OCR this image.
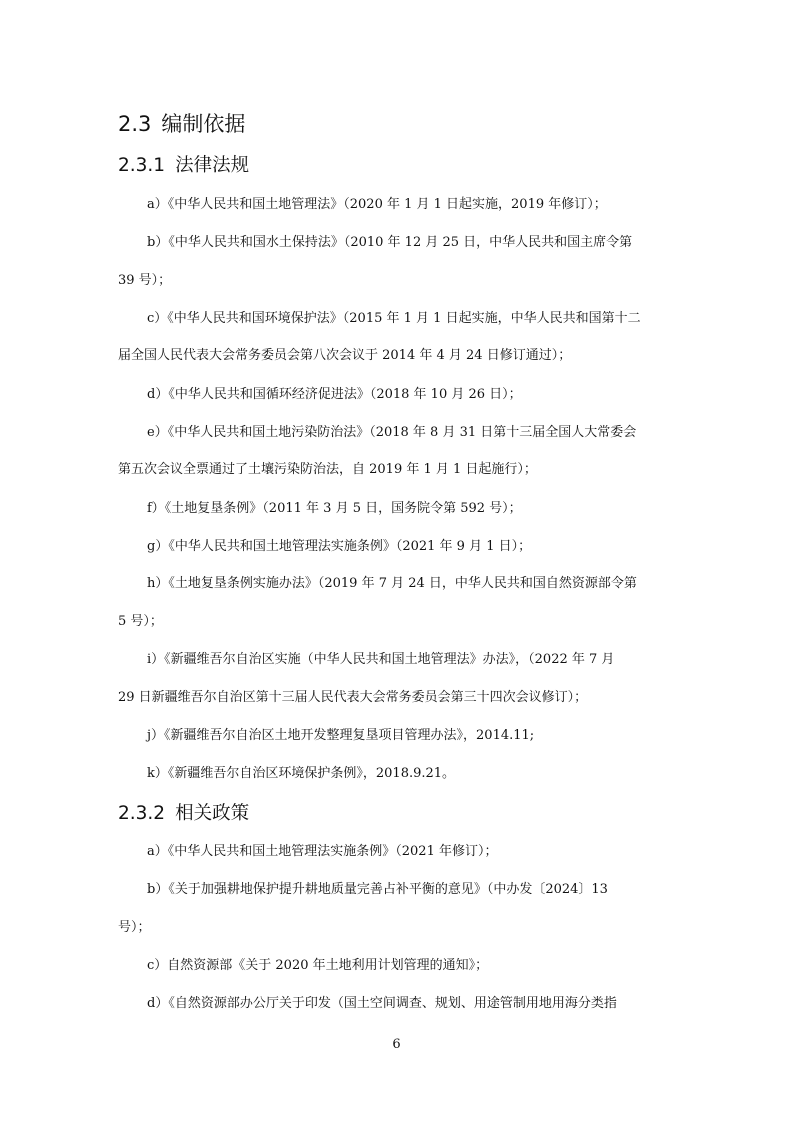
2.3 编制依据
2.3.1 法律法规
a）《中华人民共和国土地管理法》（2020 年 1 月 1 日起实施，2019 年修订）；
b）《中华人民共和国水土保持法》（2010 年 12 月 25 日，中华人民共和国主席令第
39 号）；
c）《中华人民共和国环境保护法》（2015 年 1 月 1 日起实施，中华人民共和国第十二
届全国人民代表大会常务委员会第八次会议于 2014 年 4 月 24 日修订通过）；
d）《中华人民共和国循环经济促进法》（2018 年 10 月 26 日）；
e）《中华人民共和国土地污染防治法》（2018 年 8 月 31 日第十三届全国人大常委会
第五次会议全票通过了土壤污染防治法，自 2019 年 1 月 1 日起施行）；
f）《土地复垦条例》（2011 年 3 月 5 日，国务院令第 592 号）；
g）《中华人民共和国土地管理法实施条例》（2021 年 9 月 1 日）；
h）《土地复垦条例实施办法》（2019 年 7 月 24 日，中华人民共和国自然资源部令第
5 号）；
i）《新疆维吾尔自治区实施（中华人民共和国土地管理法》办法》，（2022 年 7 月
29 日新疆维吾尔自治区第十三届人民代表大会常务委员会第三十四次会议修订）；
j）《新疆维吾尔自治区土地开发整理复垦项目管理办法》，2014.11;
k）《新疆维吾尔自治区环境保护条例》，2018.9.21。
2.3.2 相关政策
a）《中华人民共和国土地管理法实施条例》（2021 年修订）；
b）《关于加强耕地保护提升耕地质量完善占补平衡的意见》（中办发〔2024〕13
号）；
c）自然资源部《关于 2020 年土地利用计划管理的通知》；
d）《自然资源部办公厅关于印发（国土空间调查、规划、用途管制用地用海分类指
6
